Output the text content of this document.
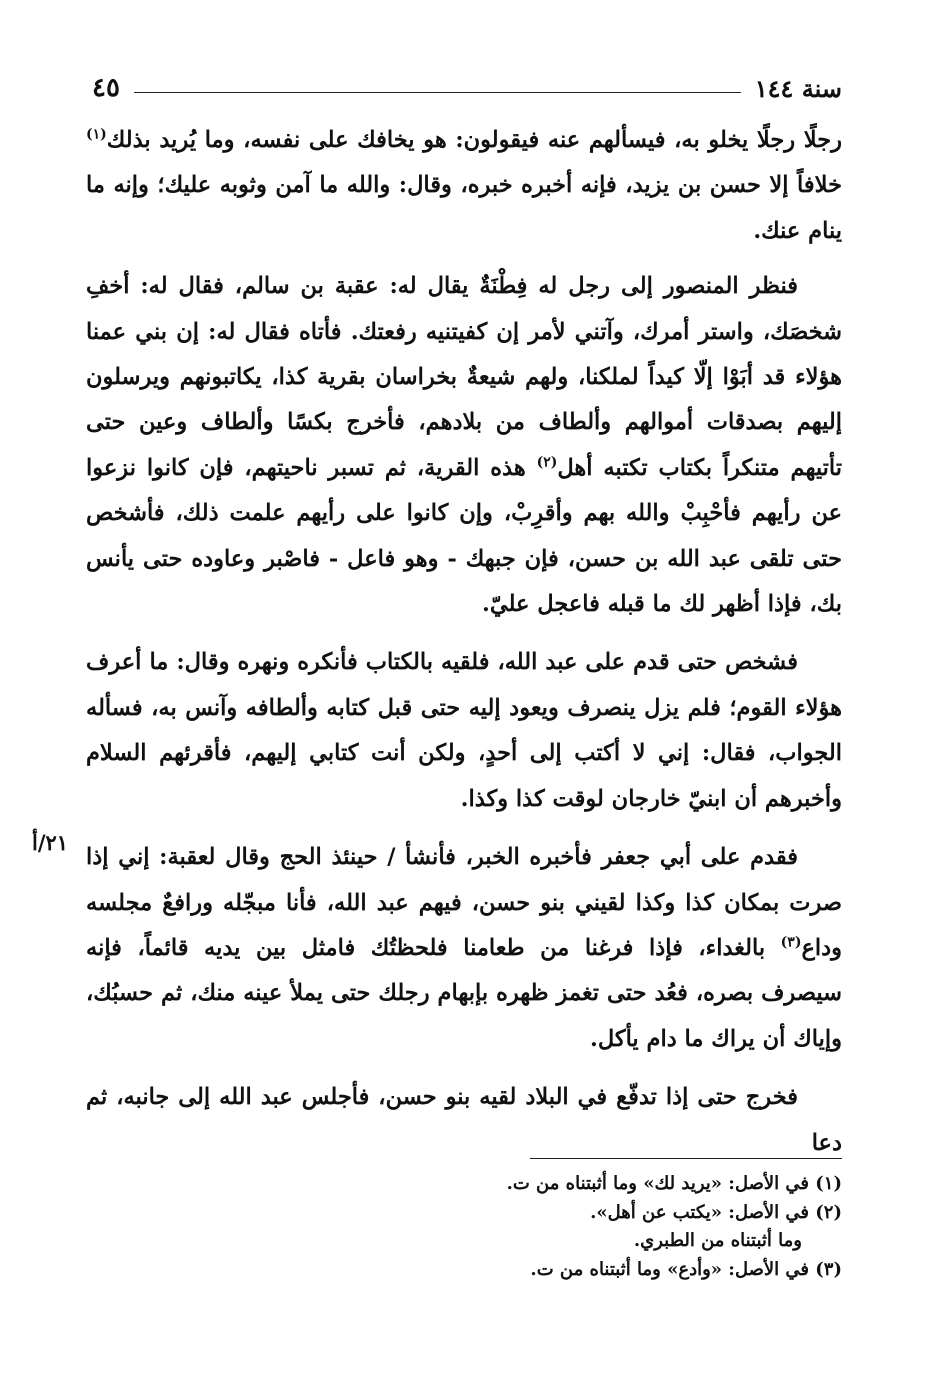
سنة ١٤٤
٤٥
٢١/أ

رجلًا رجلًا يخلو به، فيسألهم عنه فيقولون: هو يخافك على نفسه، وما يُريد بذلك$^{(١)}$ خلافاً إلا حسن بن يزيد، فإنه أخبره خبره، وقال: والله ما آمن وثوبه عليك؛ وإنه ما ينام عنك.

فنظر المنصور إلى رجل له فِطْنَةٌ يقال له: عقبة بن سالم، فقال له: أخفِ شخصَك، واستر أمرك، وآتني لأمر إن كفيتنيه رفعتك. فأتاه فقال له: إن بني عمنا هؤلاء قد أبَوْا إلّا كيداً لملكنا، ولهم شيعةٌ بخراسان بقرية كذا، يكاتبونهم ويرسلون إليهم بصدقات أموالهم وألطاف من بلادهم، فأخرج بكسًا وألطاف وعين حتى تأتيهم متنكراً بكتاب تكتبه أهل$^{(٢)}$ هذه القرية، ثم تسبر ناحيتهم، فإن كانوا نزعوا عن رأيهم فأحْبِبْ والله بهم وأقرِبْ، وإن كانوا على رأيهم علمت ذلك، فأشخص حتى تلقى عبد الله بن حسن، فإن جبهك - وهو فاعل - فاصْبر وعاوده حتى يأنس بك، فإذا أظهر لك ما قبله فاعجل عليّ.

فشخص حتى قدم على عبد الله، فلقيه بالكتاب فأنكره ونهره وقال: ما أعرف هؤلاء القوم؛ فلم يزل ينصرف ويعود إليه حتى قبل كتابه وألطافه وآنس به، فسأله الجواب، فقال: إني لا أكتب إلى أحدٍ، ولكن أنت كتابي إليهم، فأقرئهم السلام وأخبرهم أن ابنيّ خارجان لوقت كذا وكذا.

فقدم على أبي جعفر فأخبره الخبر، فأنشأ / حينئذ الحج وقال لعقبة: إني إذا صرت بمكان كذا وكذا لقيني بنو حسن، فيهم عبد الله، فأنا مبجّله ورافعٌ مجلسه وداع$^{(٣)}$ بالغداء، فإذا فرغنا من طعامنا فلحظتُك فامثل بين يديه قائماً، فإنه سيصرف بصره، فعُد حتى تغمز ظهره بإبهام رجلك حتى يملأ عينه منك، ثم حسبُك، وإياك أن يراك ما دام يأكل.

فخرج حتى إذا تدفّع في البلاد لقيه بنو حسن، فأجلس عبد الله إلى جانبه، ثم دعا

(١) في الأصل: «يريد لك» وما أثبتناه من ت.
(٢) في الأصل: «يكتب عن أهل».
وما أثبتناه من الطبري.
(٣) في الأصل: «وأدع» وما أثبتناه من ت.
